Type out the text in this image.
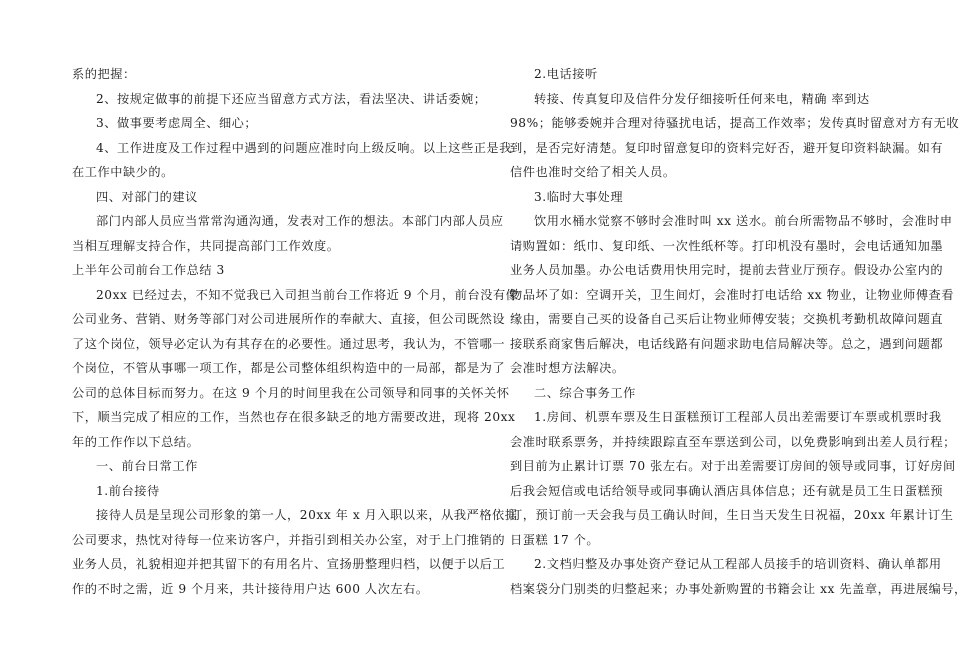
系的把握：
2、按规定做事的前提下还应当留意方式方法，看法坚决、讲话委婉；
3、做事要考虑周全、细心；
4、工作进度及工作过程中遇到的问题应准时向上级反响。以上这些正是我
在工作中缺少的。
四、对部门的建议
部门内部人员应当常常沟通沟通，发表对工作的想法。本部门内部人员应
当相互理解支持合作，共同提高部门工作效度。
上半年公司前台工作总结 3
20xx 已经过去，不知不觉我已入司担当前台工作将近 9 个月，前台没有像
公司业务、营销、财务等部门对公司进展所作的奉献大、直接，但公司既然设
了这个岗位，领导必定认为有其存在的必要性。通过思考，我认为，不管哪一
个岗位，不管从事哪一项工作，都是公司整体组织构造中的一局部，都是为了
公司的总体目标而努力。在这 9 个月的时间里我在公司领导和同事的关怀关怀
下，顺当完成了相应的工作，当然也存在很多缺乏的地方需要改进，现将 20xx
年的工作作以下总结。
一、前台日常工作
1.前台接待
接待人员是呈现公司形象的第一人，20xx 年 x 月入职以来，从我严格依据
公司要求，热忱对待每一位来访客户，并指引到相关办公室，对于上门推销的
业务人员，礼貌相迎并把其留下的有用名片、宣扬册整理归档，以便于以后工
作的不时之需，近 9 个月来，共计接待用户达 600 人次左右。
2.电话接听
转接、传真复印及信件分发仔细接听任何来电，精确 率到达
98%；能够委婉并合理对待骚扰电话，提高工作效率；发传真时留意对方有无收
到，是否完好清楚。复印时留意复印的资料完好否，避开复印资料缺漏。如有
信件也准时交给了相关人员。
3.临时大事处理
饮用水桶水觉察不够时会准时叫 xx 送水。前台所需物品不够时，会准时申
请购置如：纸巾、复印纸、一次性纸杯等。打印机没有墨时，会电话通知加墨
业务人员加墨。办公电话费用快用完时，提前去营业厅预存。假设办公室内的
物品坏了如：空调开关，卫生间灯，会准时打电话给 xx 物业，让物业师傅查看
缘由，需要自己买的设备自己买后让物业师傅安装；交换机考勤机故障问题直
接联系商家售后解决，电话线路有问题求助电信局解决等。总之，遇到问题都
会准时想方法解决。
二、综合事务工作
1.房间、机票车票及生日蛋糕预订工程部人员出差需要订车票或机票时我
会准时联系票务，并持续跟踪直至车票送到公司，以免费影响到出差人员行程；
到目前为止累计订票 70 张左右。对于出差需要订房间的领导或同事，订好房间
后我会短信或电话给领导或同事确认酒店具体信息；还有就是员工生日蛋糕预
订，预订前一天会我与员工确认时间，生日当天发生日祝福，20xx 年累计订生
日蛋糕 17 个。
2.文档归整及办事处资产登记从工程部人员接手的培训资料、确认单都用
档案袋分门别类的归整起来；办事处新购置的书籍会让 xx 先盖章，再进展编号，
